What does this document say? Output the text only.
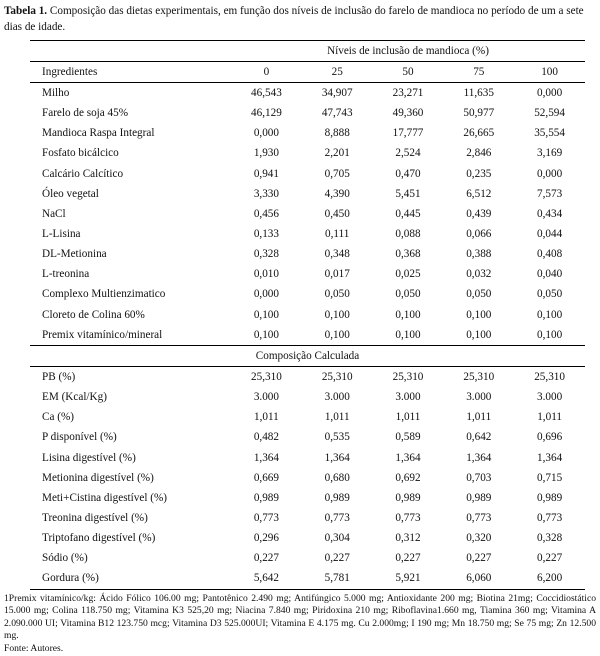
Tabela 1. Composição das dietas experimentais, em função dos níveis de inclusão do farelo de mandioca no período de um a sete dias de idade.
	Níveis de inclusão de mandioca (%)				
Ingredientes	0	25	50	75	100
Milho	46,543	34,907	23,271	11,635	0,000
Farelo de soja 45%	46,129	47,743	49,360	50,977	52,594
Mandioca Raspa Integral	0,000	8,888	17,777	26,665	35,554
Fosfato bicálcico	1,930	2,201	2,524	2,846	3,169
Calcário Calcítico	0,941	0,705	0,470	0,235	0,000
Óleo vegetal	3,330	4,390	5,451	6,512	7,573
NaCl	0,456	0,450	0,445	0,439	0,434
L-Lisina	0,133	0,111	0,088	0,066	0,044
DL-Metionina	0,328	0,348	0,368	0,388	0,408
L-treonina	0,010	0,017	0,025	0,032	0,040
Complexo Multienzimatico	0,000	0,050	0,050	0,050	0,050
Cloreto de Colina 60%	0,100	0,100	0,100	0,100	0,100
Premix vitamínico/mineral	0,100	0,100	0,100	0,100	0,100
Composição Calculada					
PB (%)	25,310	25,310	25,310	25,310	25,310
EM (Kcal/Kg)	3.000	3.000	3.000	3.000	3.000
Ca (%)	1,011	1,011	1,011	1,011	1,011
P disponível (%)	0,482	0,535	0,589	0,642	0,696
Lisina digestível (%)	1,364	1,364	1,364	1,364	1,364
Metionina digestível (%)	0,669	0,680	0,692	0,703	0,715
Meti+Cistina digestível (%)	0,989	0,989	0,989	0,989	0,989
Treonina digestível (%)	0,773	0,773	0,773	0,773	0,773
Triptofano digestível (%)	0,296	0,304	0,312	0,320	0,328
Sódio (%)	0,227	0,227	0,227	0,227	0,227
Gordura (%)	5,642	5,781	5,921	6,060	6,200
1Premix vitamínico/kg: Ácido Fólico 106.00 mg; Pantotênico 2.490 mg; Antifúngico 5.000 mg; Antioxidante 200 mg; Biotina 21mg; Coccidiostático 15.000 mg; Colina 118.750 mg; Vitamina K3 525,20 mg; Niacina 7.840 mg; Piridoxina 210 mg; Riboflavina1.660 mg, Tiamina 360 mg; Vitamina A 2.090.000 UI; Vitamina B12 123.750 mcg; Vitamina D3 525.000UI; Vitamina E 4.175 mg. Cu 2.000mg; I 190 mg; Mn 18.750 mg; Se 75 mg; Zn 12.500 mg.
Fonte: Autores.
